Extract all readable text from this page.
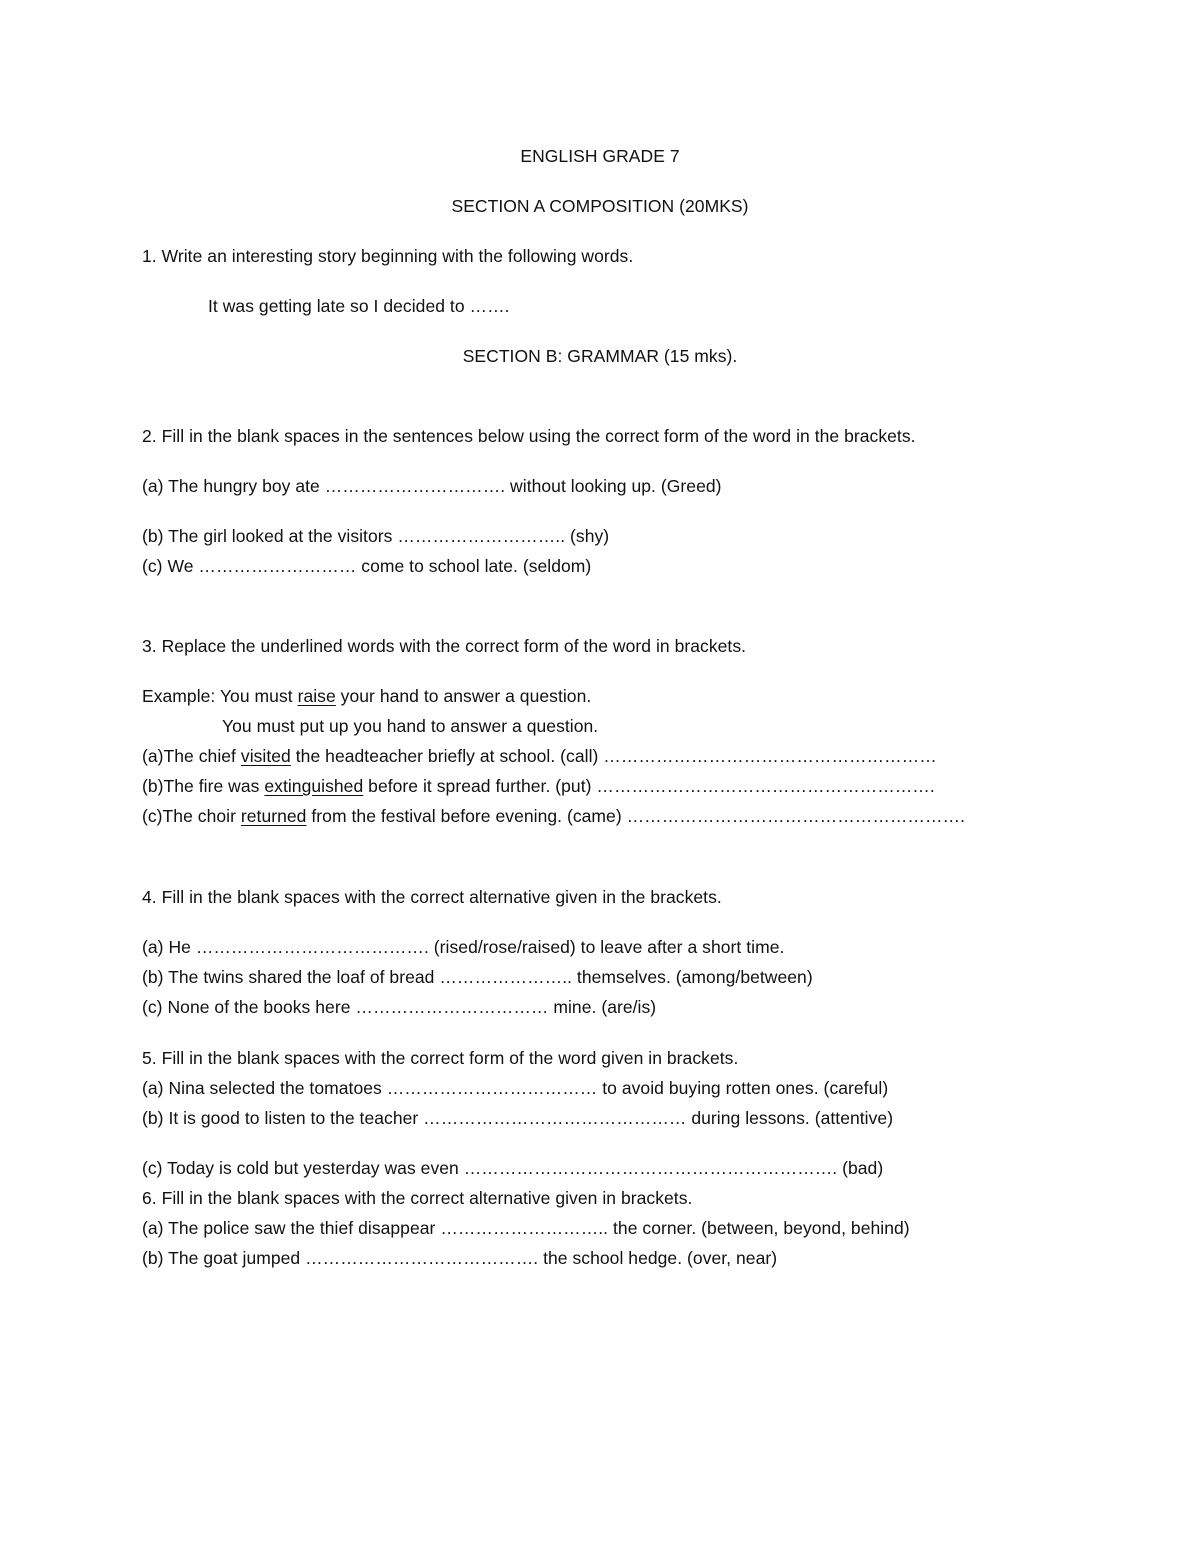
ENGLISH GRADE 7
SECTION A COMPOSITION (20MKS)
1. Write an interesting story beginning with the following words.
It was getting late so I decided to …….
SECTION B: GRAMMAR (15 mks).
2. Fill in the blank spaces in the sentences below using the correct form of the word in the brackets.
(a) The hungry boy ate …………………………. without looking up. (Greed)
(b) The girl looked at the visitors ……………………….. (shy)
(c) We ……………………… come to school late. (seldom)
3. Replace the underlined words with the correct form of the word in brackets.
Example: You must raise your hand to answer a question.
You must put up you hand to answer a question.
(a)The chief visited the headteacher briefly at school. (call) …………………………………………………
(b)The fire was extinguished before it spread further. (put) ………………………………………………….
(c)The choir returned from the festival before evening. (came) ………………………………………………….
4. Fill in the blank spaces with the correct alternative given in the brackets.
(a) He …………………………………. (rised/rose/raised) to leave after a short time.
(b) The twins shared the loaf of bread ………………….. themselves. (among/between)
(c) None of the books here …………………………… mine. (are/is)
5. Fill in the blank spaces with the correct form of the word given in brackets.
(a) Nina selected the tomatoes ……………………………… to avoid buying rotten ones. (careful)
(b) It is good to listen to the teacher ……………………………………… during lessons. (attentive)
(c) Today is cold but yesterday was even ………………………………………………………. (bad)
6. Fill in the blank spaces with the correct alternative given in brackets.
(a) The police saw the thief disappear ……………………….. the corner. (between, beyond, behind)
(b) The goat jumped …………………………………. the school hedge. (over, near)
